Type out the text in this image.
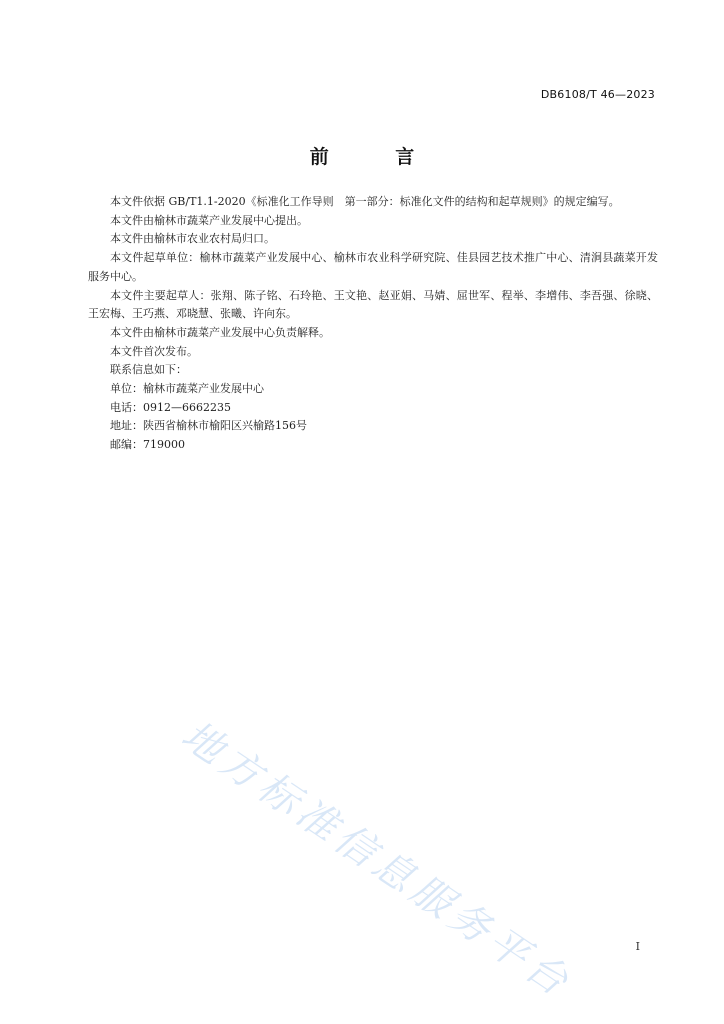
DB6108/T 46—2023
前 言

本文件依据 GB/T1.1-2020《标准化工作导则　第一部分：标准化文件的结构和起草规则》的规定编写。

本文件由榆林市蔬菜产业发展中心提出。

本文件由榆林市农业农村局归口。

本文件起草单位：榆林市蔬菜产业发展中心、榆林市农业科学研究院、佳县园艺技术推广中心、清涧县蔬菜开发服务中心。

本文件主要起草人：张翔、陈子铭、石玲艳、王文艳、赵亚娟、马婧、屈世军、程举、李增伟、李吾强、徐晓、王宏梅、王巧燕、邓晓慧、张曦、许向东。

本文件由榆林市蔬菜产业发展中心负责解释。

本文件首次发布。

联系信息如下：

单位：榆林市蔬菜产业发展中心

电话：0912—6662235

地址：陕西省榆林市榆阳区兴榆路156号

邮编：719000

地方标准信息服务平台	I
